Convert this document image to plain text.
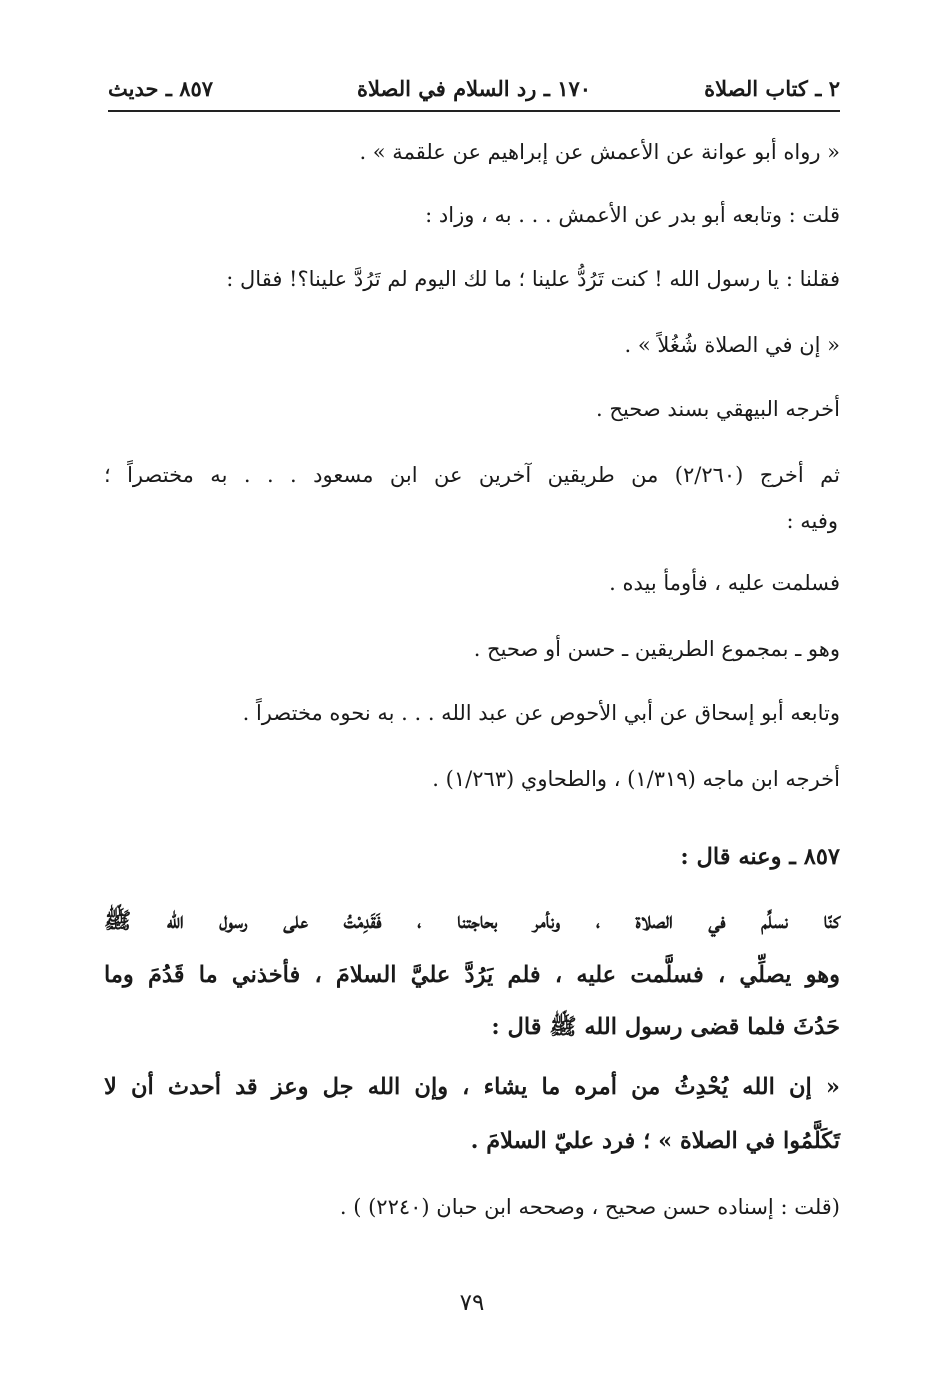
٢ ـ كتاب الصلاة
١٧٠ ـ رد السلام في الصلاة
٨٥٧ ـ حديث
« رواه أبو عوانة عن الأعمش عن إبراهيم عن علقمة » .
قلت : وتابعه أبو بدر عن الأعمش . . . به ، وزاد :
فقلنا : يا رسول الله ! كنت تَرُدُّ علينا ؛ ما لك اليوم لم تَرُدَّ علينا؟! فقال :
« إن في الصلاة شُغُلاً » .
أخرجه البيهقي بسند صحيح .
ثم أخرج (٢/٢٦٠) من طريقين آخرين عن ابن مسعود . . . به مختصراً ؛
وفيه :
فسلمت عليه ، فأومأ بيده .
وهو ـ بمجموع الطريقين ـ حسن أو صحيح .
وتابعه أبو إسحاق عن أبي الأحوص عن عبد الله . . . به نحوه مختصراً .
أخرجه ابن ماجه (١/٣١٩) ، والطحاوي (١/٢٦٣) .
٨٥٧ ـ وعنه قال :
كنّا نسلِّم في الصلاة ، ونأمر بحاجتنا ، فَقَدِمْتُ على رسول الله ﷺ
وهو يصلِّي ، فسلَّمت عليه ، فلم يَرُدَّ عليَّ السلامَ ، فأخذني ما قَدُمَ وما
حَدُثَ فلما قضى رسول الله ﷺ قال :
« إن الله يُحْدِثُ من أمره ما يشاء ، وإن الله جل وعز قد أحدث أن لا
تَكَلَّمُوا في الصلاة » ؛ فرد عليّ السلامَ .
(قلت : إسناده حسن صحيح ، وصححه ابن حبان (٢٢٤٠) ) .
٧٩
